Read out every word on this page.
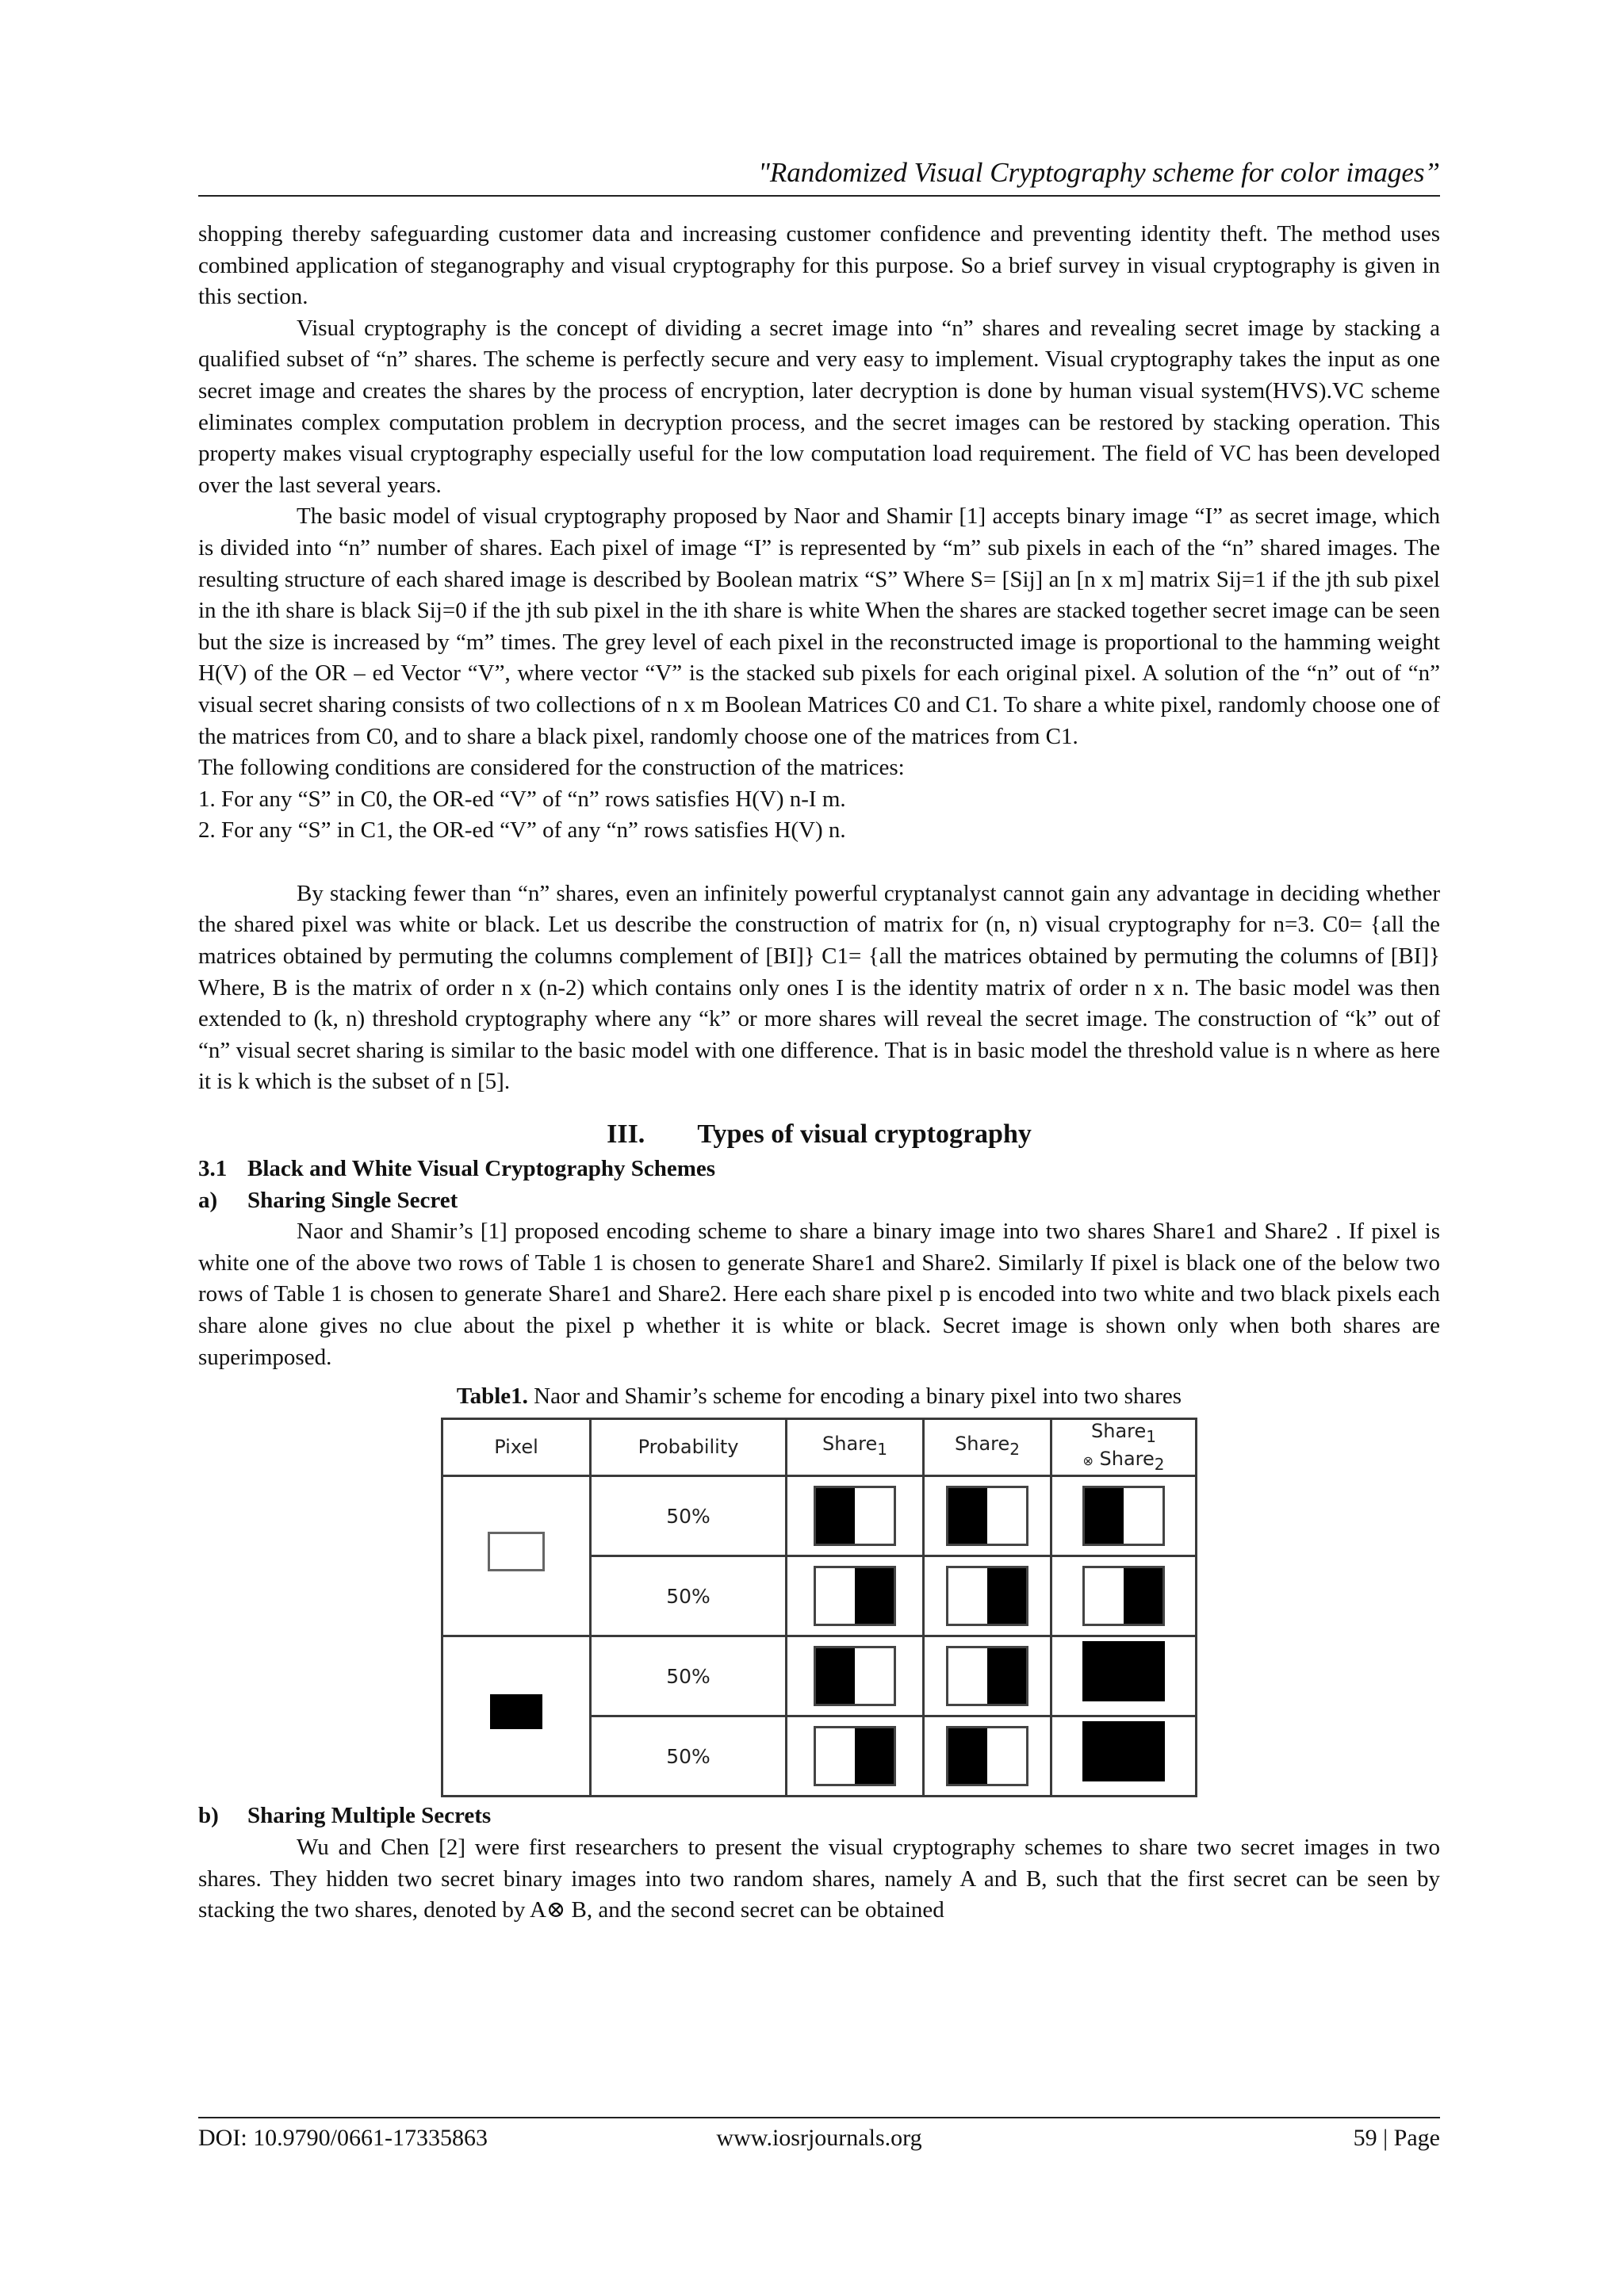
"Randomized Visual Cryptography scheme for color images”

shopping thereby safeguarding customer data and increasing customer confidence and preventing identity theft. The method uses combined application of steganography and visual cryptography for this purpose. So a brief survey in visual cryptography is given in this section.

Visual cryptography is the concept of dividing a secret image into “n” shares and revealing secret image by stacking a qualified subset of “n” shares. The scheme is perfectly secure and very easy to implement. Visual cryptography takes the input as one secret image and creates the shares by the process of encryption, later decryption is done by human visual system(HVS).VC scheme eliminates complex computation problem in decryption process, and the secret images can be restored by stacking operation. This property makes visual cryptography especially useful for the low computation load requirement. The field of VC has been developed over the last several years.

The basic model of visual cryptography proposed by Naor and Shamir [1] accepts binary image “I” as secret image, which is divided into “n” number of shares. Each pixel of image “I” is represented by “m” sub pixels in each of the “n” shared images. The resulting structure of each shared image is described by Boolean matrix “S” Where S= [Sij] an [n x m] matrix Sij=1 if the jth sub pixel in the ith share is black Sij=0 if the jth sub pixel in the ith share is white When the shares are stacked together secret image can be seen but the size is increased by “m” times. The grey level of each pixel in the reconstructed image is proportional to the hamming weight H(V) of the OR – ed Vector “V”, where vector “V” is the stacked sub pixels for each original pixel. A solution of the “n” out of “n” visual secret sharing consists of two collections of n x m Boolean Matrices C0 and C1. To share a white pixel, randomly choose one of the matrices from C0, and to share a black pixel, randomly choose one of the matrices from C1.

The following conditions are considered for the construction of the matrices:

1. For any “S” in C0, the OR-ed “V” of “n” rows satisfies H(V) n-I m.

2. For any “S” in C1, the OR-ed “V” of any “n” rows satisfies H(V) n.

By stacking fewer than “n” shares, even an infinitely powerful cryptanalyst cannot gain any advantage in deciding whether the shared pixel was white or black. Let us describe the construction of matrix for (n, n) visual cryptography for n=3. C0= {all the matrices obtained by permuting the columns complement of [BI]} C1= {all the matrices obtained by permuting the columns of [BI]} Where, B is the matrix of order n x (n-2) which contains only ones I is the identity matrix of order n x n. The basic model was then extended to (k, n) threshold cryptography where any “k” or more shares will reveal the secret image. The construction of “k” out of “n” visual secret sharing is similar to the basic model with one difference. That is in basic model the threshold value is n where as here it is k which is the subset of n [5].

III. Types of visual cryptography

3.1 Black and White Visual Cryptography Schemes

a) Sharing Single Secret

Naor and Shamir’s [1] proposed encoding scheme to share a binary image into two shares Share1 and Share2 . If pixel is white one of the above two rows of Table 1 is chosen to generate Share1 and Share2. Similarly If pixel is black one of the below two rows of Table 1 is chosen to generate Share1 and Share2. Here each share pixel p is encoded into two white and two black pixels each share alone gives no clue about the pixel p whether it is white or black. Secret image is shown only when both shares are superimposed.

Table1. Naor and Shamir’s scheme for encoding a binary pixel into two shares
Pixel	Probability	Share$_1$	Share$_2$	Share$_1$
⊗ Share$_2$

	50%	

	50%	

	50%	

	50%	

b) Sharing Multiple Secrets

Wu and Chen [2] were first researchers to present the visual cryptography schemes to share two secret images in two shares. They hidden two secret binary images into two random shares, namely A and B, such that the first secret can be seen by stacking the two shares, denoted by A⊗ B, and the second secret can be obtained

DOI: 10.9790/0661-17335863	www.iosrjournals.org	59 | Page
